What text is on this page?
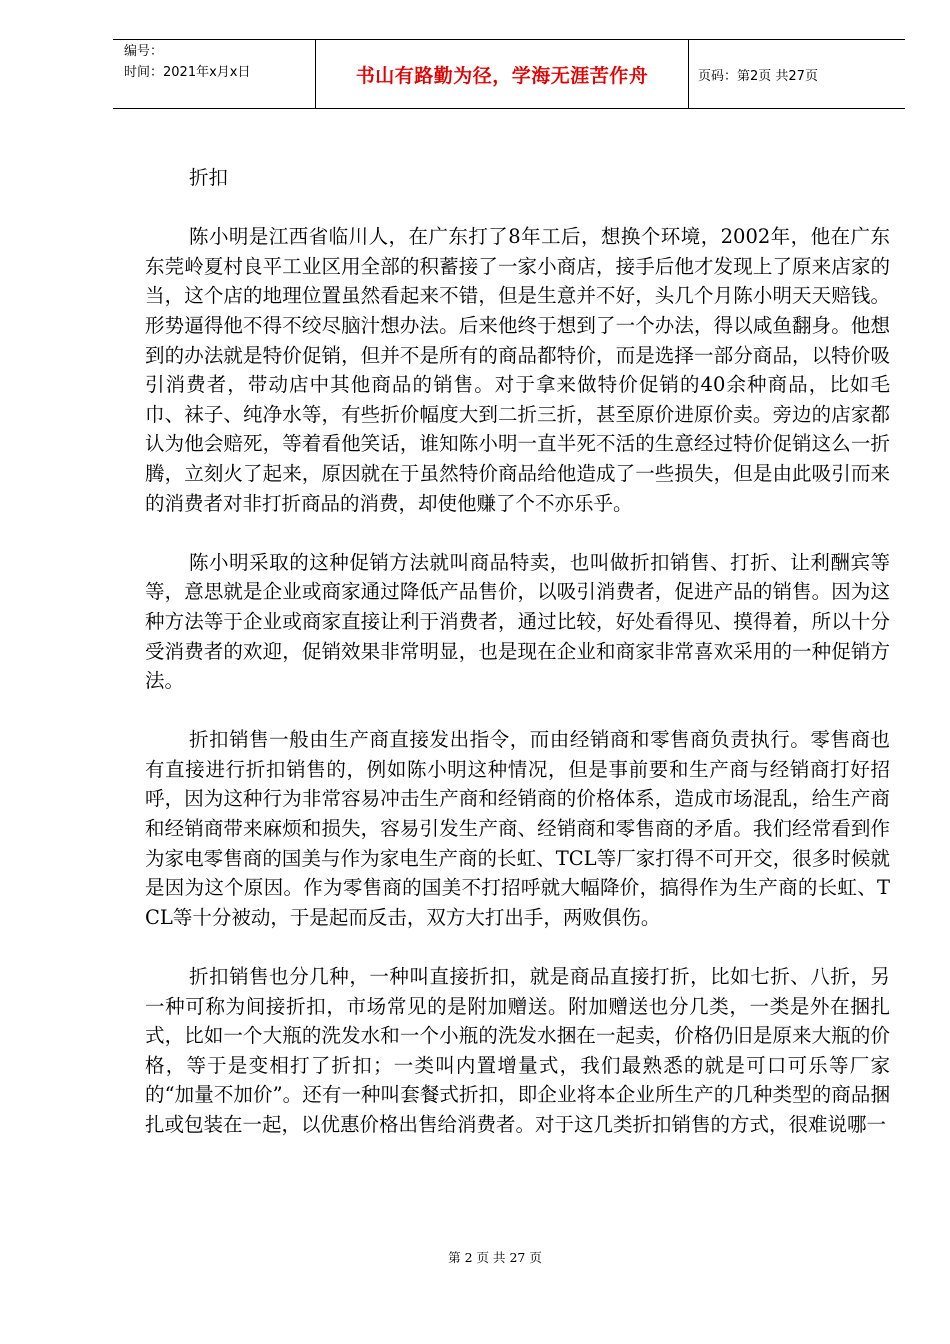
编号：
时间：2021年x月x日	书山有路勤为径，学海无涯苦作舟	页码：第2页 共27页

折扣

陈小明是江西省临川人，在广东打了8年工后，想换个环境，2002年，他在广东东莞岭夏村良平工业区用全部的积蓄接了一家小商店，接手后他才发现上了原来店家的当，这个店的地理位置虽然看起来不错，但是生意并不好，头几个月陈小明天天赔钱。形势逼得他不得不绞尽脑汁想办法。后来他终于想到了一个办法，得以咸鱼翻身。他想到的办法就是特价促销，但并不是所有的商品都特价，而是选择一部分商品，以特价吸引消费者，带动店中其他商品的销售。对于拿来做特价促销的40余种商品，比如毛巾、袜子、纯净水等，有些折价幅度大到二折三折，甚至原价进原价卖。旁边的店家都认为他会赔死，等着看他笑话，谁知陈小明一直半死不活的生意经过特价促销这么一折腾，立刻火了起来，原因就在于虽然特价商品给他造成了一些损失，但是由此吸引而来的消费者对非打折商品的消费，却使他赚了个不亦乐乎。

陈小明采取的这种促销方法就叫商品特卖，也叫做折扣销售、打折、让利酬宾等等，意思就是企业或商家通过降低产品售价，以吸引消费者，促进产品的销售。因为这种方法等于企业或商家直接让利于消费者，通过比较，好处看得见、摸得着，所以十分受消费者的欢迎，促销效果非常明显，也是现在企业和商家非常喜欢采用的一种促销方法。

折扣销售一般由生产商直接发出指令，而由经销商和零售商负责执行。零售商也有直接进行折扣销售的，例如陈小明这种情况，但是事前要和生产商与经销商打好招呼，因为这种行为非常容易冲击生产商和经销商的价格体系，造成市场混乱，给生产商和经销商带来麻烦和损失，容易引发生产商、经销商和零售商的矛盾。我们经常看到作为家电零售商的国美与作为家电生产商的长虹、TCL等厂家打得不可开交，很多时候就是因为这个原因。作为零售商的国美不打招呼就大幅降价，搞得作为生产商的长虹、TCL等十分被动，于是起而反击，双方大打出手，两败俱伤。

折扣销售也分几种，一种叫直接折扣，就是商品直接打折，比如七折、八折，另一种可称为间接折扣，市场常见的是附加赠送。附加赠送也分几类，一类是外在捆扎式，比如一个大瓶的洗发水和一个小瓶的洗发水捆在一起卖，价格仍旧是原来大瓶的价格，等于是变相打了折扣；一类叫内置增量式，我们最熟悉的就是可口可乐等厂家的“加量不加价”。还有一种叫套餐式折扣，即企业将本企业所生产的几种类型的商品捆扎或包装在一起，以优惠价格出售给消费者。对于这几类折扣销售的方式，很难说哪一

第 2 页 共 27 页
